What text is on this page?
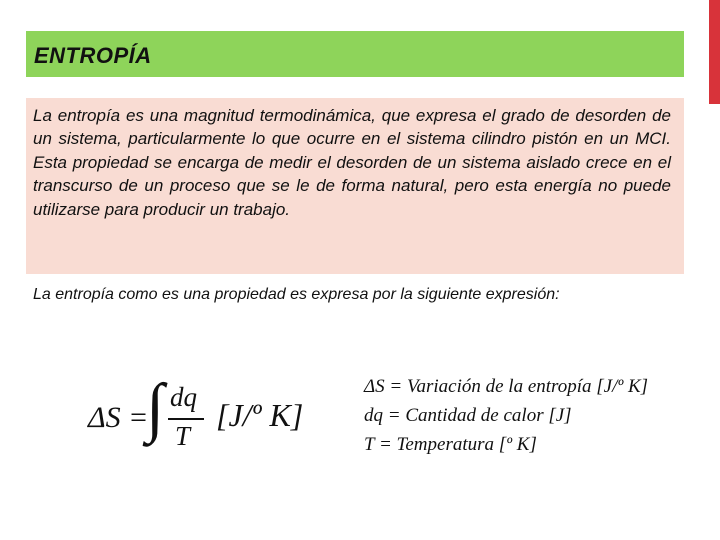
ENTROPÍA

La entropía es una magnitud termodinámica, que expresa el grado de desorden de un sistema, particularmente lo que ocurre en el sistema cilindro pistón en un MCI. Esta propiedad se encarga de medir el desorden de un sistema aislado crece en el transcurso de un proceso que se le de forma natural, pero esta energía no puede utilizarse para producir un trabajo.

La entropía como es una propiedad es expresa por la siguiente expresión:

ΔS =
∫ dq
T
[J/º K]
ΔS = Variación de la entropía [J/º K]
dq = Cantidad de calor [J]
T = Temperatura [º K]
